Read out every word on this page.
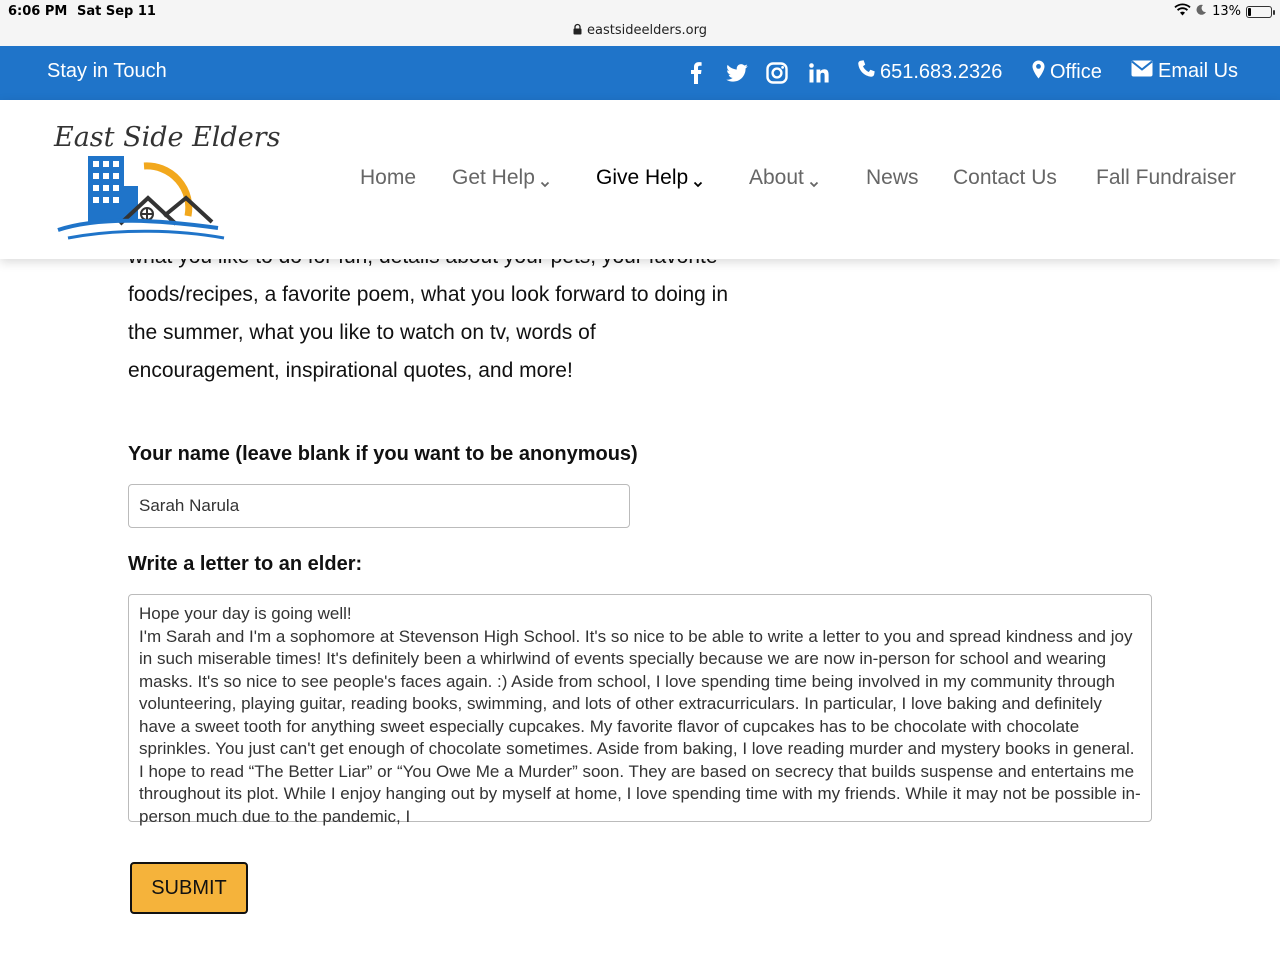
6:06 PM Sat Sep 11	13%
eastsideelders.org
Stay in Touch	651.683.2326 Office	Email Us
East Side Elders
Home Get Help	Give Help	About	News Contact Us Fall Fundraiser
foods/recipes, a favorite poem, what you look forward to doing in
the summer, what you like to watch on tv, words of
encouragement, inspirational quotes, and more!
Your name (leave blank if you want to be anonymous)
Sarah Narula
Write a letter to an elder:
Hope your day is going well!
I'm Sarah and I'm a sophomore at Stevenson High School. It's so nice to be able to write a letter to you and spread kindness and joy in such miserable times! It's definitely been a whirlwind of events specially because we are now in-person for school and wearing masks. It's so nice to see people's faces again. :) Aside from school, I love spending time being involved in my community through volunteering, playing guitar, reading books, swimming, and lots of other extracurriculars. In particular, I love baking and definitely have a sweet tooth for anything sweet especially cupcakes. My favorite flavor of cupcakes has to be chocolate with chocolate sprinkles. You just can't get enough of chocolate sometimes. Aside from baking, I love reading murder and mystery books in general. I hope to read “The Better Liar” or “You Owe Me a Murder” soon. They are based on secrecy that builds suspense and entertains me throughout its plot. While I enjoy hanging out by myself at home, I love spending time with my friends. While it may not be possible in-person much due to the pandemic, I
SUBMIT
